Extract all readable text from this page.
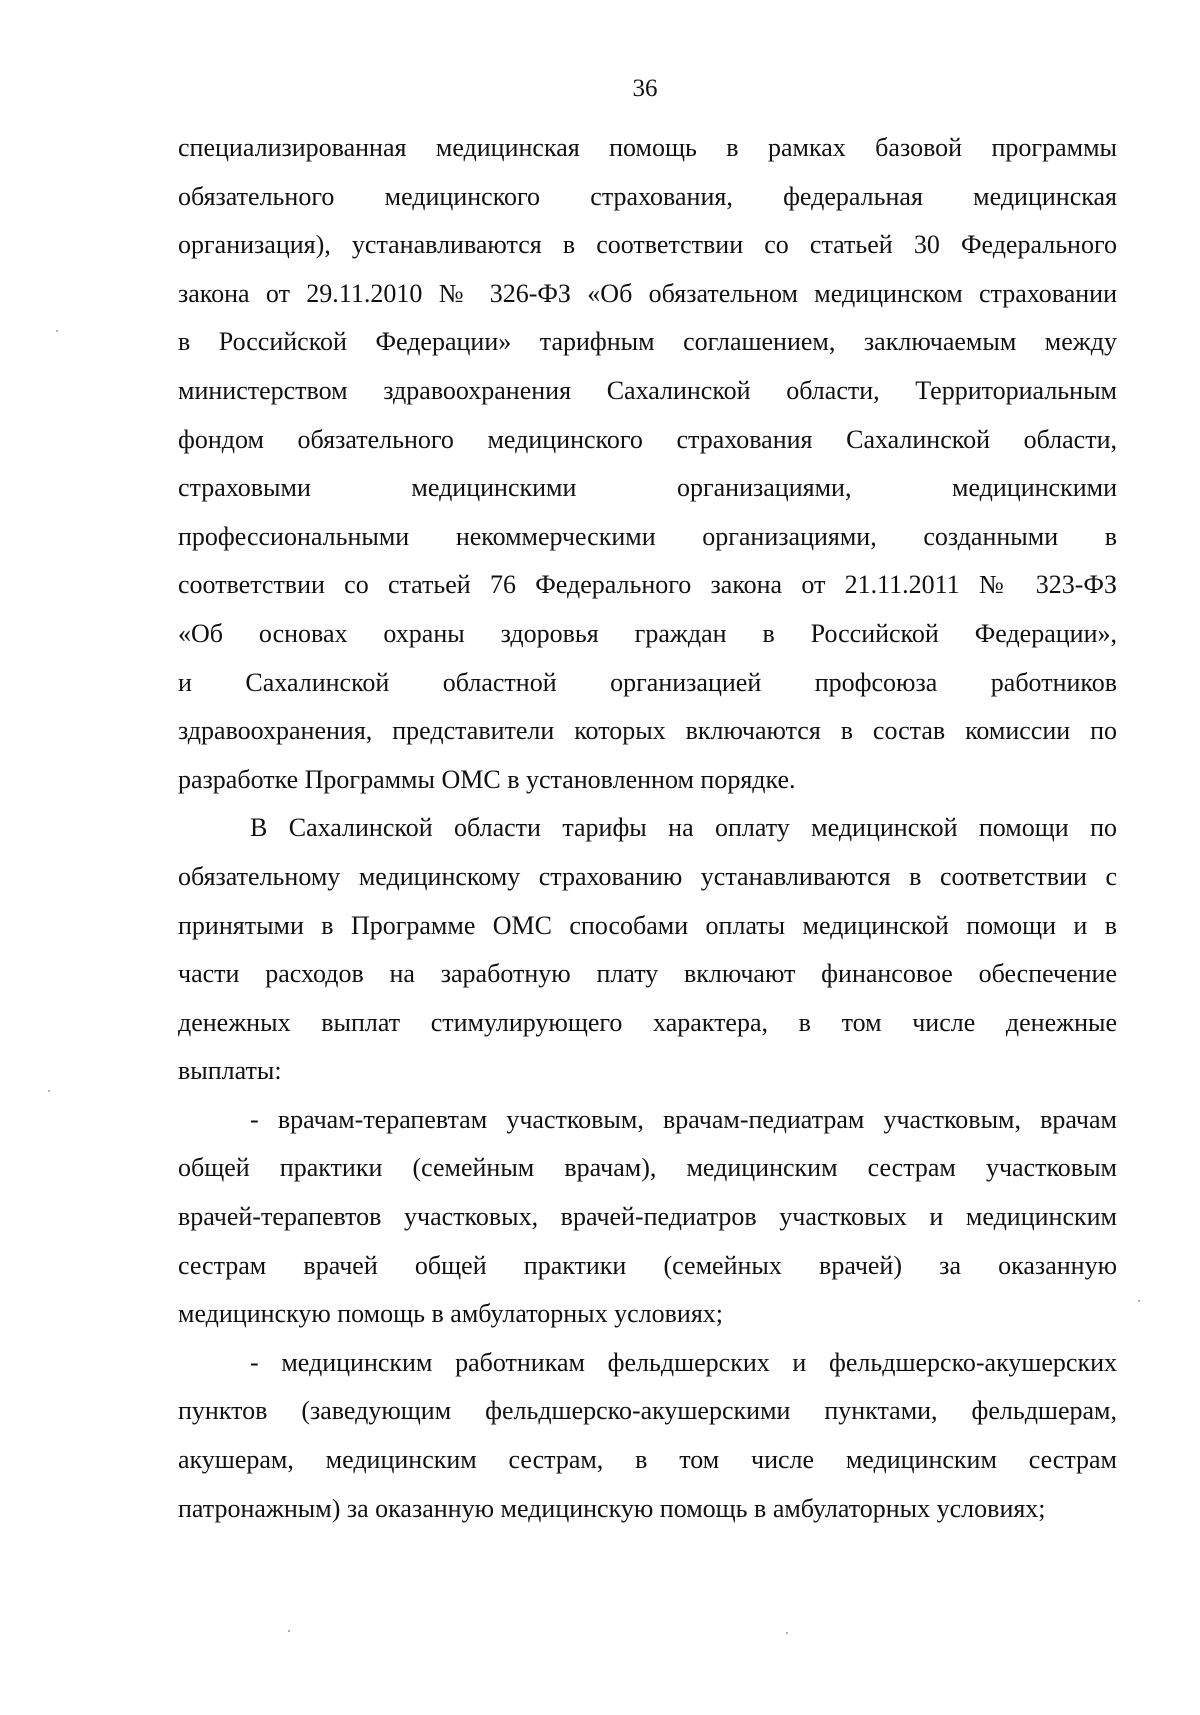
36
специализированная медицинская помощь в рамках базовой программы
обязательного медицинского страхования, федеральная медицинская
организация), устанавливаются в соответствии со статьей 30 Федерального
закона от 29.11.2010 № 326-ФЗ «Об обязательном медицинском страховании
в Российской Федерации» тарифным соглашением, заключаемым между
министерством здравоохранения Сахалинской области, Территориальным
фондом обязательного медицинского страхования Сахалинской области,
страховыми медицинскими организациями, медицинскими
профессиональными некоммерческими организациями, созданными в
соответствии со статьей 76 Федерального закона от 21.11.2011 № 323-ФЗ
«Об основах охраны здоровья граждан в Российской Федерации»,
и Сахалинской областной организацией профсоюза работников
здравоохранения, представители которых включаются в состав комиссии по
разработке Программы ОМС в установленном порядке.
В Сахалинской области тарифы на оплату медицинской помощи по
обязательному медицинскому страхованию устанавливаются в соответствии с
принятыми в Программе ОМС способами оплаты медицинской помощи и в
части расходов на заработную плату включают финансовое обеспечение
денежных выплат стимулирующего характера, в том числе денежные
выплаты:
- врачам-терапевтам участковым, врачам-педиатрам участковым, врачам
общей практики (семейным врачам), медицинским сестрам участковым
врачей-терапевтов участковых, врачей-педиатров участковых и медицинским
сестрам врачей общей практики (семейных врачей) за оказанную
медицинскую помощь в амбулаторных условиях;
- медицинским работникам фельдшерских и фельдшерско-акушерских
пунктов (заведующим фельдшерско-акушерскими пунктами, фельдшерам,
акушерам, медицинским сестрам, в том числе медицинским сестрам
патронажным) за оказанную медицинскую помощь в амбулаторных условиях;
